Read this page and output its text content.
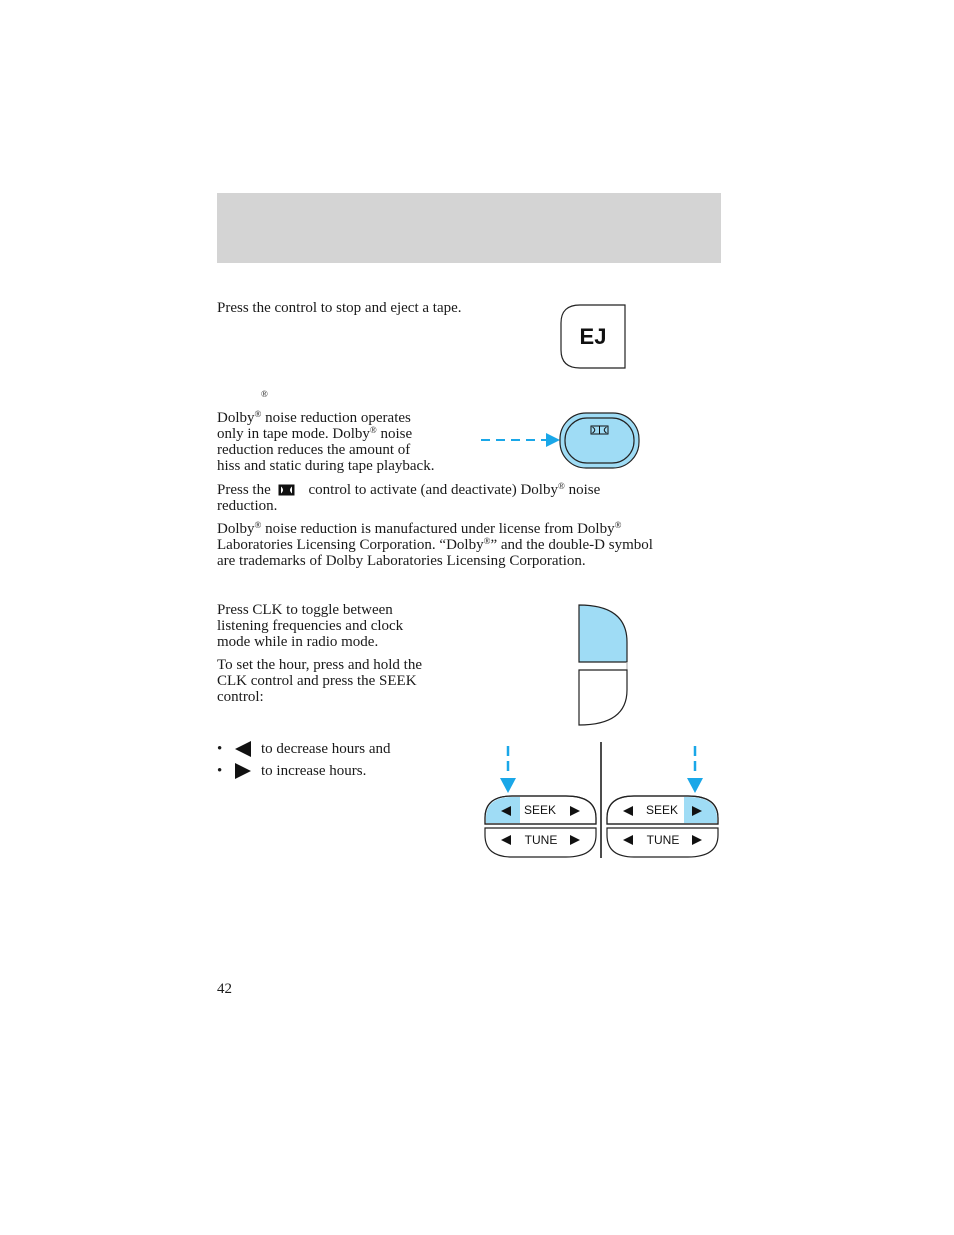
Press the control to stop and eject a tape.

EJ
®
Dolby® noise reduction operates
only in tape mode. Dolby® noise
reduction reduces the amount of
hiss and static during tape playback.
Press the	control to activate (and deactivate) Dolby® noise
reduction.
Dolby® noise reduction is manufactured under license from Dolby®
Laboratories Licensing Corporation. “Dolby®” and the double-D symbol
are trademarks of Dolby Laboratories Licensing Corporation.
Press CLK to toggle between
listening frequencies and clock
mode while in radio mode.
To set the hour, press and hold the
CLK control and press the SEEK
control:
•	to decrease hours and
•	to increase hours.
SEEK
TUNE
SEEK
TUNE
42
